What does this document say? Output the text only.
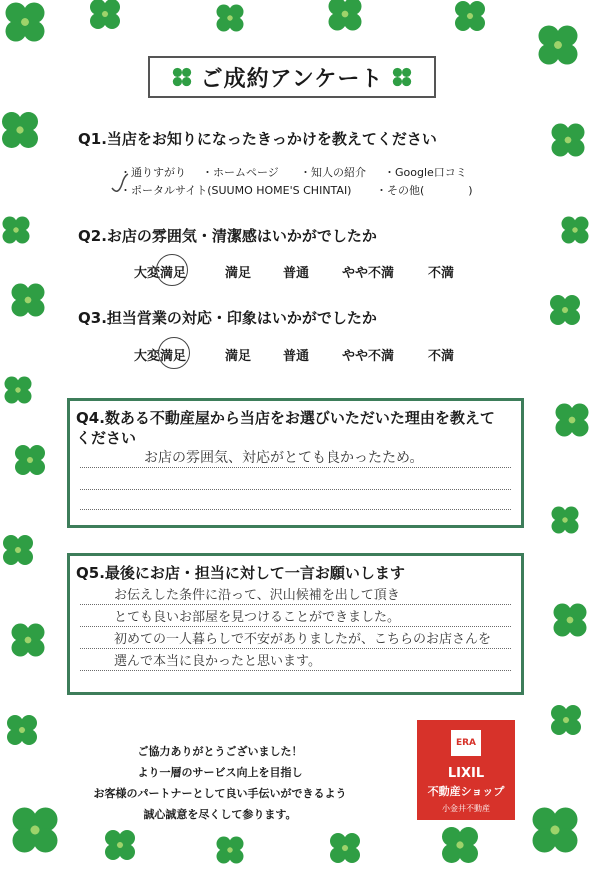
ご成約アンケート
Q1.当店をお知りになったきっかけを教えてください
・通りすがり ・ホームページ ・知人の紹介 ・Google口コミ
・ポータルサイト(SUUMO HOME'S CHINTAI) ・その他(　　　　)
Q2.お店の雰囲気・清潔感はいかがでしたか
大変満足	満足 普通	やや不満	不満
Q3.担当営業の対応・印象はいかがでしたか
大変満足	満足 普通	やや不満	不満
Q4.数ある不動産屋から当店をお選びいただいた理由を教えて
ください
お店の雰囲気、対応がとても良かったため。
Q5.最後にお店・担当に対して一言お願いします
お伝えした条件に沿って、沢山候補を出して頂き
とても良いお部屋を見つけることができました。
初めての一人暮らしで不安がありましたが、こちらのお店さんを
選んで本当に良かったと思います。
ご協力ありがとうございました！
より一層のサービス向上を目指し
お客様のパートナーとして良い手伝いができるよう
誠心誠意を尽くして参ります。
ERA
LIXIL
不動産ショップ
小金井不動産
